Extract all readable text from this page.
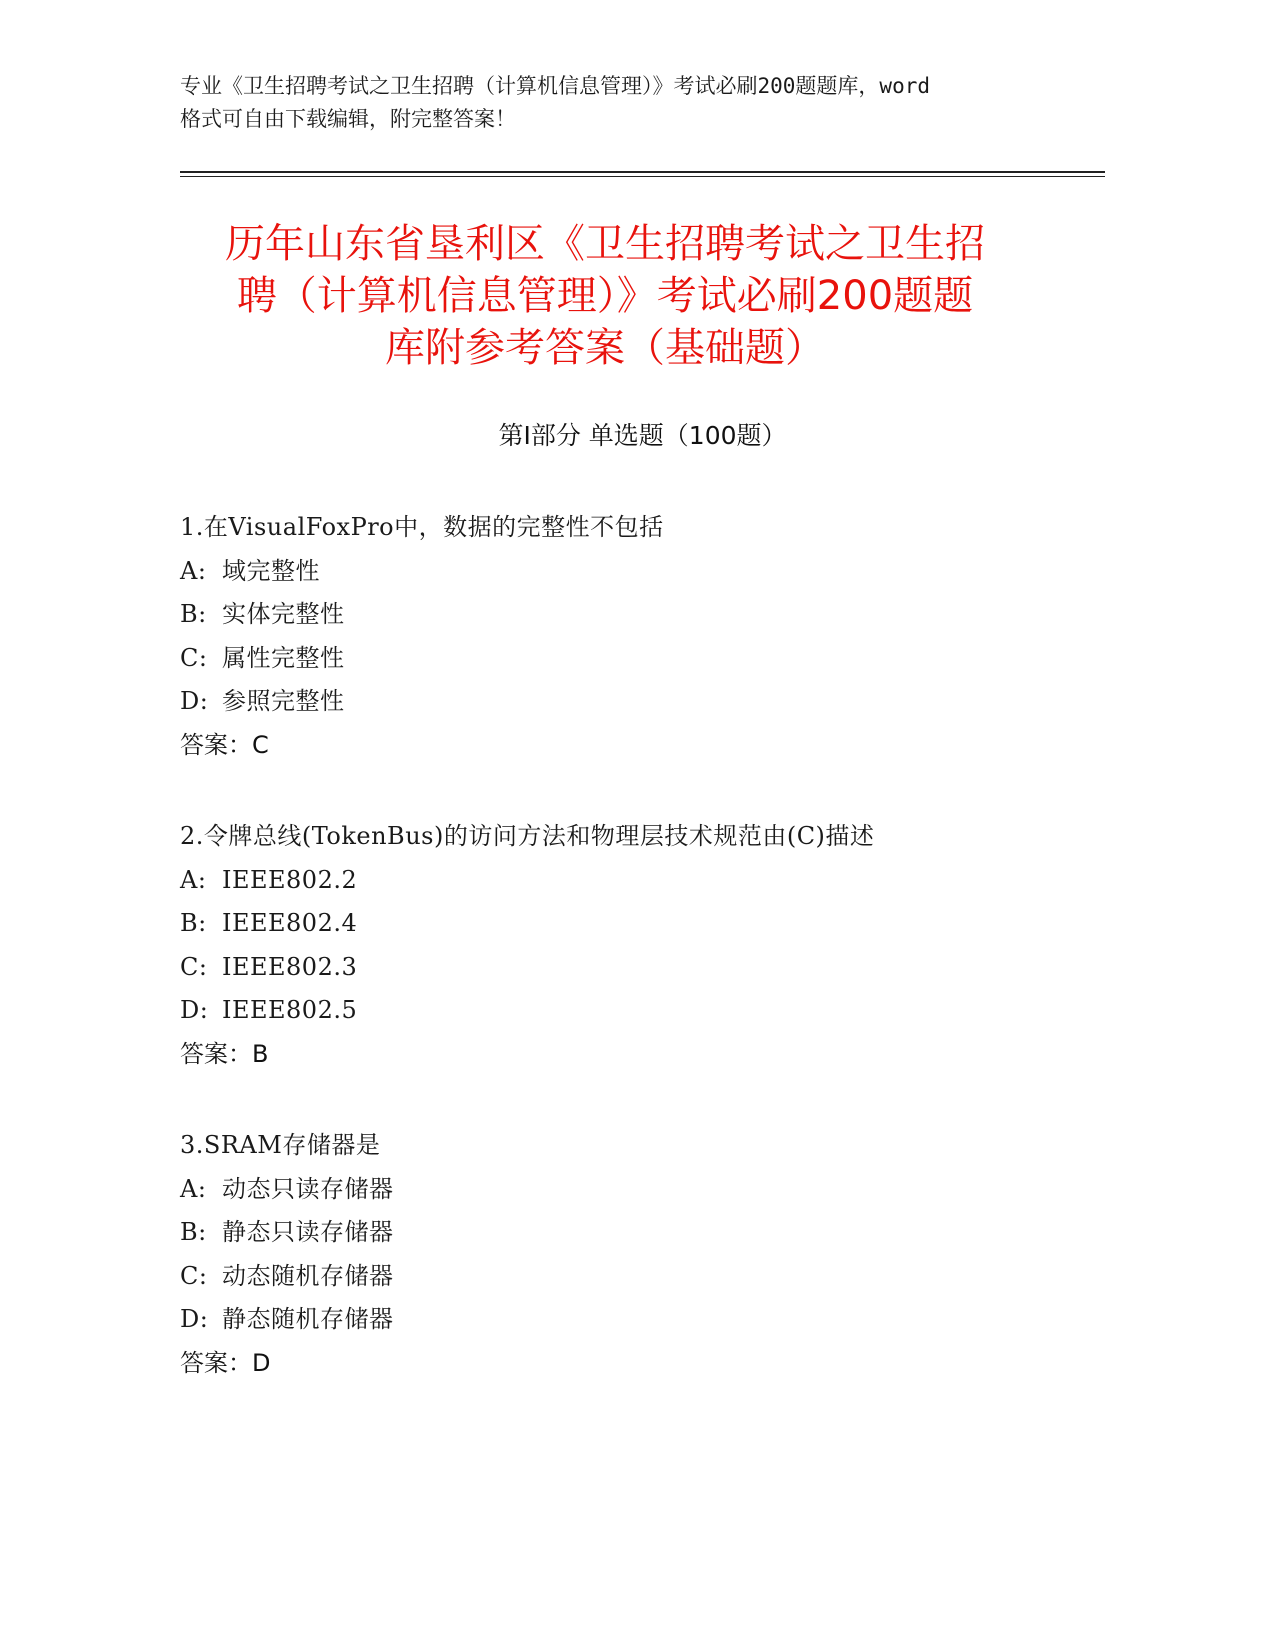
专业《卫生招聘考试之卫生招聘（计算机信息管理）》考试必刷200题题库，word
格式可自由下载编辑，附完整答案！
历年山东省垦利区《卫生招聘考试之卫生招
聘（计算机信息管理）》考试必刷200题题
库附参考答案（基础题）
第Ⅰ部分 单选题（100题）
1.在VisualFoxPro中，数据的完整性不包括
A: 域完整性
B: 实体完整性
C: 属性完整性
D: 参照完整性
答案：C
2.令牌总线(TokenBus)的访问方法和物理层技术规范由(C)描述
A: IEEE802.2
B: IEEE802.4
C: IEEE802.3
D: IEEE802.5
答案：B
3.SRAM存储器是
A: 动态只读存储器
B: 静态只读存储器
C: 动态随机存储器
D: 静态随机存储器
答案：D
